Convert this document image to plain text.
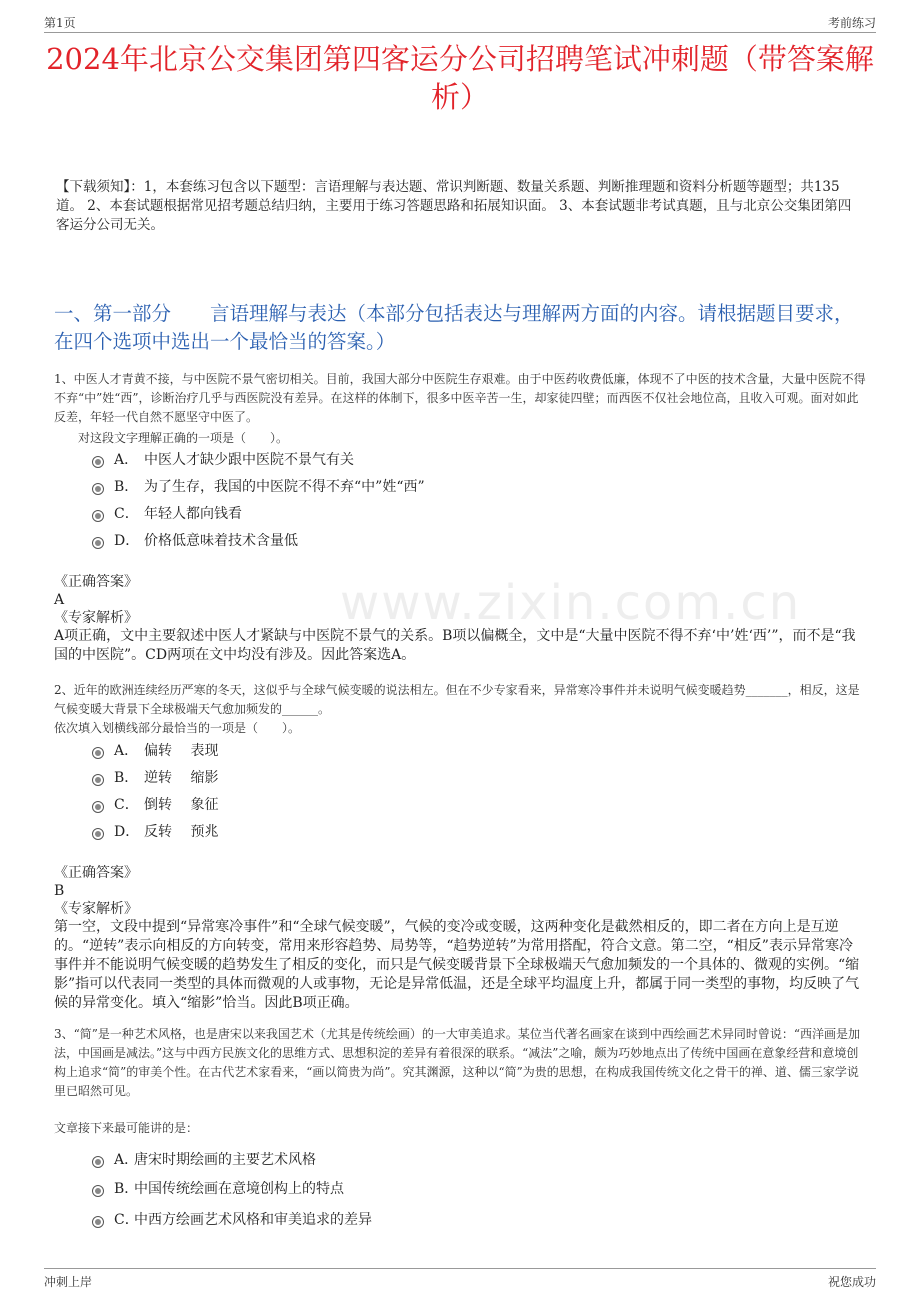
第1页	考前练习
2024年北京公交集团第四客运分公司招聘笔试冲刺题（带答案解析）
【下载须知】：1，本套练习包含以下题型：言语理解与表达题、常识判断题、数量关系题、判断推理题和资料分析题等题型；共135道。 2、本套试题根据常见招考题总结归纳，主要用于练习答题思路和拓展知识面。 3、本套试题非考试真题，且与北京公交集团第四客运分公司无关。
一、第一部分　　言语理解与表达（本部分包括表达与理解两方面的内容。请根据题目要求，在四个选项中选出一个最恰当的答案。）
1、中医人才青黄不接，与中医院不景气密切相关。目前，我国大部分中医院生存艰难。由于中医药收费低廉，体现不了中医的技术含量，大量中医院不得不弃“中”姓“西”，诊断治疗几乎与西医院没有差异。在这样的体制下，很多中医辛苦一生，却家徒四壁；而西医不仅社会地位高，且收入可观。面对如此反差，年轻一代自然不愿坚守中医了。
对这段文字理解正确的一项是（　　）。
A． 中医人才缺少跟中医院不景气有关
B． 为了生存，我国的中医院不得不弃“中”姓“西”
C． 年轻人都向钱看
D． 价格低意味着技术含量低
《正确答案》
A
《专家解析》
A项正确，文中主要叙述中医人才紧缺与中医院不景气的关系。B项以偏概全，文中是“大量中医院不得不弃‘中’姓‘西’”，而不是“我国的中医院”。CD两项在文中均没有涉及。因此答案选A。
www.zixin.com.cn
2、近年的欧洲连续经历严寒的冬天，这似乎与全球气候变暖的说法相左。但在不少专家看来，异常寒冷事件并未说明气候变暖趋势_______，相反，这是气候变暖大背景下全球极端天气愈加频发的______。
依次填入划横线部分最恰当的一项是（　　）。
A． 偏转　 表现
B． 逆转　 缩影
C． 倒转　 象征
D． 反转　 预兆
《正确答案》
B
《专家解析》
第一空，文段中提到“异常寒冷事件”和“全球气候变暖”，气候的变冷或变暖，这两种变化是截然相反的，即二者在方向上是互逆的。“逆转”表示向相反的方向转变，常用来形容趋势、局势等，“趋势逆转”为常用搭配，符合文意。第二空，“相反”表示异常寒冷事件并不能说明气候变暖的趋势发生了相反的变化，而只是气候变暖背景下全球极端天气愈加频发的一个具体的、微观的实例。“缩影”指可以代表同一类型的具体而微观的人或事物，无论是异常低温，还是全球平均温度上升，都属于同一类型的事物，均反映了气候的异常变化。填入“缩影”恰当。因此B项正确。
3、“简”是一种艺术风格，也是唐宋以来我国艺术（尤其是传统绘画）的一大审美追求。某位当代著名画家在谈到中西绘画艺术异同时曾说：“西洋画是加法，中国画是减法。”这与中西方民族文化的思维方式、思想积淀的差异有着很深的联系。“减法”之喻，颇为巧妙地点出了传统中国画在意象经营和意境创构上追求“简”的审美个性。在古代艺术家看来，“画以简贵为尚”。究其渊源，这种以“简”为贵的思想，在构成我国传统文化之骨干的禅、道、儒三家学说里已昭然可见。
文章接下来最可能讲的是：
A．
唐宋时期绘画的主要艺术风格
B．
中国传统绘画在意境创构上的特点
C．
中西方绘画艺术风格和审美追求的差异
冲刺上岸	祝您成功
